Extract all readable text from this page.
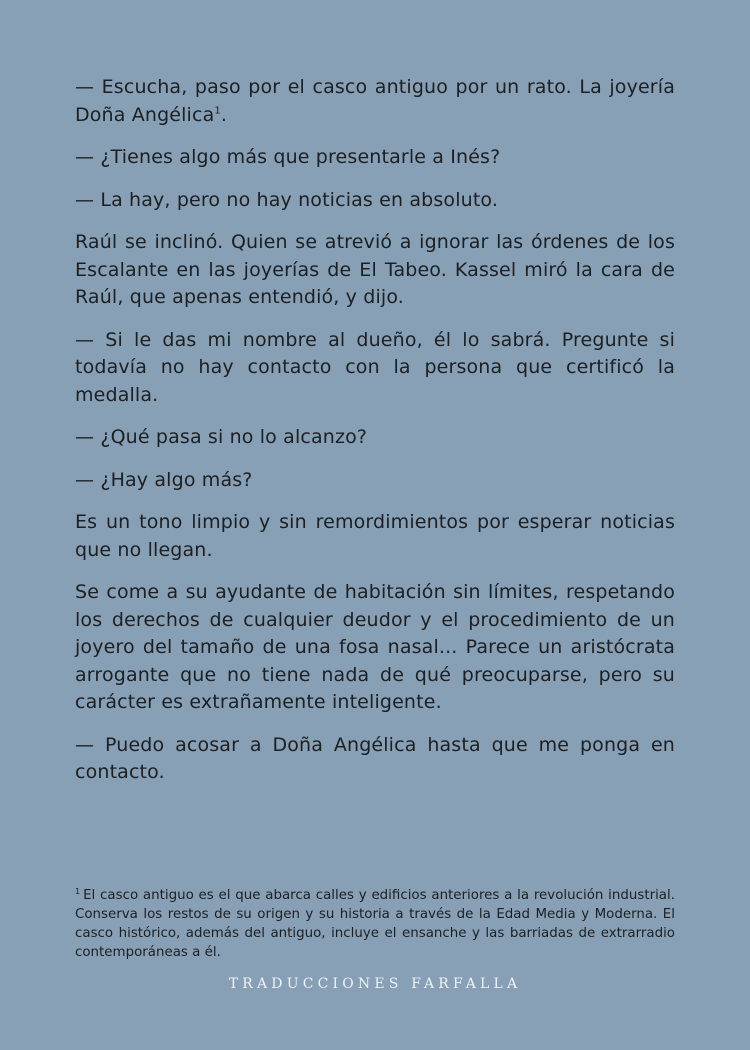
— Escucha, paso por el casco antiguo por un rato. La joyería Doña Angélica$^1$.

— ¿Tienes algo más que presentarle a Inés?

— La hay, pero no hay noticias en absoluto.

Raúl se inclinó. Quien se atrevió a ignorar las órdenes de los Escalante en las joyerías de El Tabeo. Kassel miró la cara de Raúl, que apenas entendió, y dijo.

— Si le das mi nombre al dueño, él lo sabrá. Pregunte si todavía no hay contacto con la persona que certificó la medalla.

— ¿Qué pasa si no lo alcanzo?

— ¿Hay algo más?

Es un tono limpio y sin remordimientos por esperar noticias que no llegan.

Se come a su ayudante de habitación sin límites, respetando los derechos de cualquier deudor y el procedimiento de un joyero del tamaño de una fosa nasal... Parece un aristócrata arrogante que no tiene nada de qué preocuparse, pero su carácter es extrañamente inteligente.

— Puedo acosar a Doña Angélica hasta que me ponga en contacto.

$^1$ El casco antiguo es el que abarca calles y edificios anteriores a la revolución industrial. Conserva los restos de su origen y su historia a través de la Edad Media y Moderna. El casco histórico, además del antiguo, incluye el ensanche y las barriadas de extrarradio contemporáneas a él.

TRADUCCIONES FARFALLA
